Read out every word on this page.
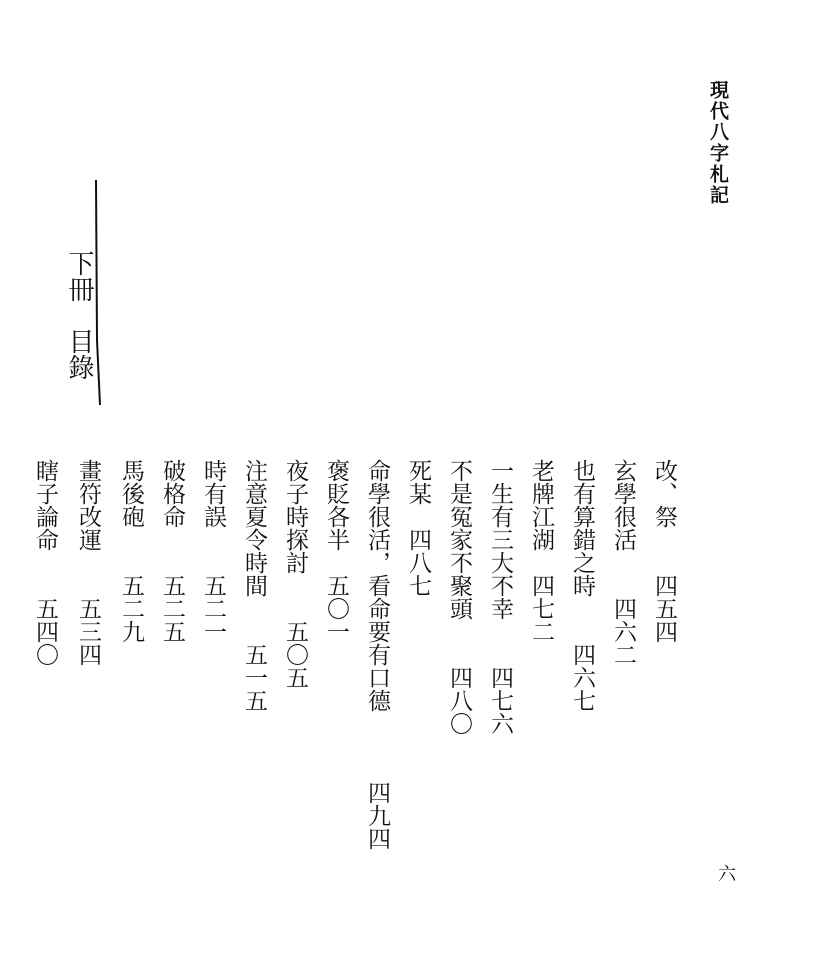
現代八字札記
下冊　目錄

改、祭　　四五四

玄學很活　　四六二

也有算錯之時　　四六七

老牌江湖　四七二

一生有三大不幸　　四七六

不是冤家不聚頭　　四八〇

死某　四八七

命學很活，看命要有口德　　　四九四

褒貶各半　五〇一

夜子時探討　　五〇五

注意夏令時間　　五一五

時有誤　　五二一

破格命　　五二五

馬後砲　　五二九

畫符改運　　五三四

瞎子論命　　五四〇

六
